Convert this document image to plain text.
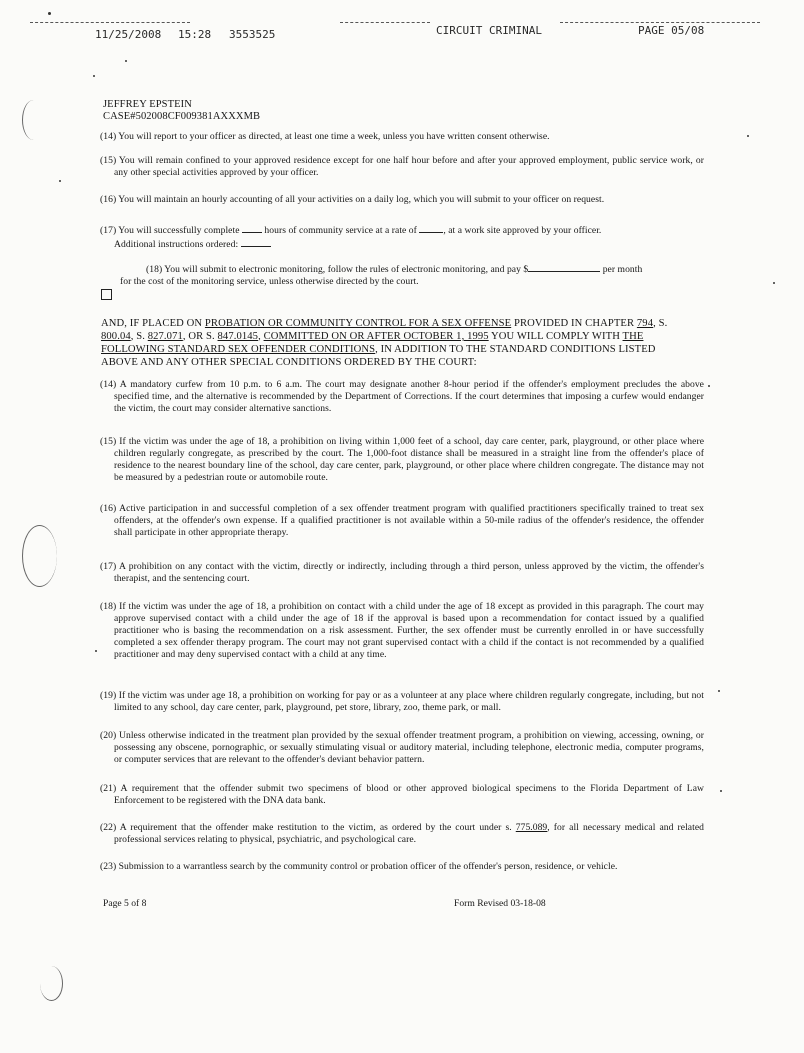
11/25/2008 15:28 3553525	CIRCUIT CRIMINAL	PAGE 05/08
JEFFREY EPSTEIN
CASE#502008CF009381AXXXMB
(14) You will report to your officer as directed, at least one time a week, unless you have written consent otherwise.
(15) You will remain confined to your approved residence except for one half hour before and after your approved employment, public service work, or any other special activities approved by your officer.
(16) You will maintain an hourly accounting of all your activities on a daily log, which you will submit to your officer on request.
(17) You will successfully complete	hours of community service at a rate of	, at a work site approved by your officer.
Additional instructions ordered:
(18) You will submit to electronic monitoring, follow the rules of electronic monitoring, and pay $	per month
for the cost of the monitoring service, unless otherwise directed by the court.
AND, IF PLACED ON PROBATION OR COMMUNITY CONTROL FOR A SEX OFFENSE PROVIDED IN CHAPTER 794, S. 800.04, S. 827.071, OR S. 847.0145, COMMITTED ON OR AFTER OCTOBER 1, 1995 YOU WILL COMPLY WITH THE FOLLOWING STANDARD SEX OFFENDER CONDITIONS, IN ADDITION TO THE STANDARD CONDITIONS LISTED ABOVE AND ANY OTHER SPECIAL CONDITIONS ORDERED BY THE COURT:
(14) A mandatory curfew from 10 p.m. to 6 a.m. The court may designate another 8-hour period if the offender's employment precludes the above specified time, and the alternative is recommended by the Department of Corrections. If the court determines that imposing a curfew would endanger the victim, the court may consider alternative sanctions.
(15) If the victim was under the age of 18, a prohibition on living within 1,000 feet of a school, day care center, park, playground, or other place where children regularly congregate, as prescribed by the court. The 1,000-foot distance shall be measured in a straight line from the offender's place of residence to the nearest boundary line of the school, day care center, park, playground, or other place where children congregate. The distance may not be measured by a pedestrian route or automobile route.
(16) Active participation in and successful completion of a sex offender treatment program with qualified practitioners specifically trained to treat sex offenders, at the offender's own expense. If a qualified practitioner is not available within a 50-mile radius of the offender's residence, the offender shall participate in other appropriate therapy.
(17) A prohibition on any contact with the victim, directly or indirectly, including through a third person, unless approved by the victim, the offender's therapist, and the sentencing court.
(18) If the victim was under the age of 18, a prohibition on contact with a child under the age of 18 except as provided in this paragraph. The court may approve supervised contact with a child under the age of 18 if the approval is based upon a recommendation for contact issued by a qualified practitioner who is basing the recommendation on a risk assessment. Further, the sex offender must be currently enrolled in or have successfully completed a sex offender therapy program. The court may not grant supervised contact with a child if the contact is not recommended by a qualified practitioner and may deny supervised contact with a child at any time.
(19) If the victim was under age 18, a prohibition on working for pay or as a volunteer at any place where children regularly congregate, including, but not limited to any school, day care center, park, playground, pet store, library, zoo, theme park, or mall.
(20) Unless otherwise indicated in the treatment plan provided by the sexual offender treatment program, a prohibition on viewing, accessing, owning, or possessing any obscene, pornographic, or sexually stimulating visual or auditory material, including telephone, electronic media, computer programs, or computer services that are relevant to the offender's deviant behavior pattern.
(21) A requirement that the offender submit two specimens of blood or other approved biological specimens to the Florida Department of Law Enforcement to be registered with the DNA data bank.
(22) A requirement that the offender make restitution to the victim, as ordered by the court under s. 775.089, for all necessary medical and related professional services relating to physical, psychiatric, and psychological care.
(23) Submission to a warrantless search by the community control or probation officer of the offender's person, residence, or vehicle.
Page 5 of 8	Form Revised 03-18-08
